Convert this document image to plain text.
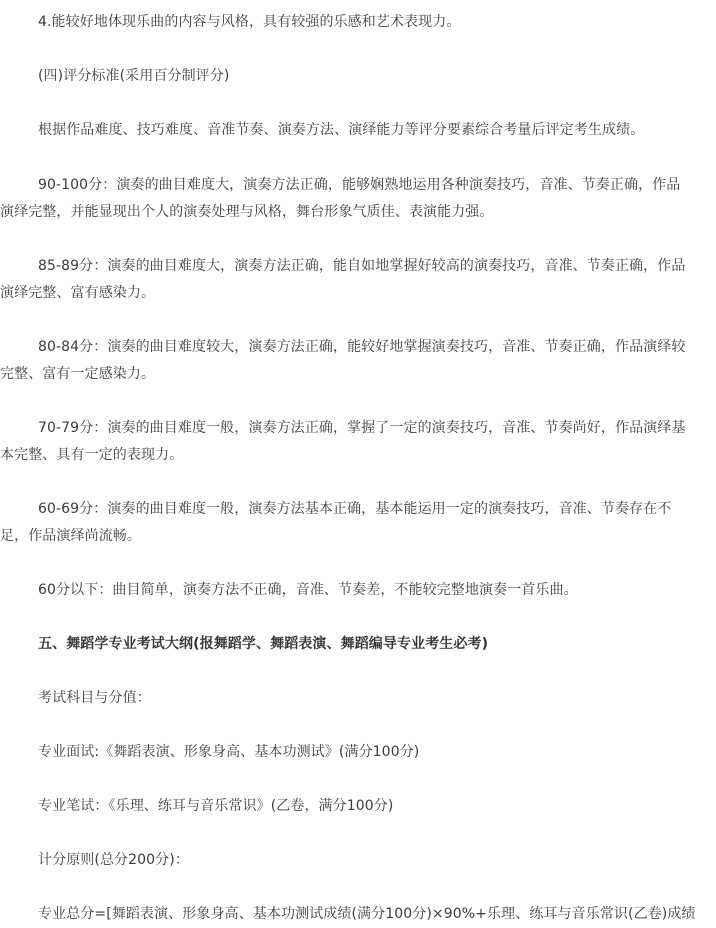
4.能较好地体现乐曲的内容与风格，具有较强的乐感和艺术表现力。

(四)评分标准(采用百分制评分)

根据作品难度、技巧难度、音准节奏、演奏方法、演绎能力等评分要素综合考量后评定考生成绩。

90-100分：演奏的曲目难度大，演奏方法正确，能够娴熟地运用各种演奏技巧，音准、节奏正确，作品演绎完整，并能显现出个人的演奏处理与风格，舞台形象气质佳、表演能力强。

85-89分：演奏的曲目难度大，演奏方法正确，能自如地掌握好较高的演奏技巧，音准、节奏正确，作品演绎完整、富有感染力。

80-84分：演奏的曲目难度较大，演奏方法正确，能较好地掌握演奏技巧，音准、节奏正确，作品演绎较完整、富有一定感染力。

70-79分：演奏的曲目难度一般，演奏方法正确，掌握了一定的演奏技巧，音准、节奏尚好，作品演绎基本完整、具有一定的表现力。

60-69分：演奏的曲目难度一般，演奏方法基本正确，基本能运用一定的演奏技巧，音准、节奏存在不足，作品演绎尚流畅。

60分以下：曲目简单，演奏方法不正确，音准、节奏差，不能较完整地演奏一首乐曲。

五、舞蹈学专业考试大纲(报舞蹈学、舞蹈表演、舞蹈编导专业考生必考)

考试科目与分值：

专业面试:《舞蹈表演、形象身高、基本功测试》(满分100分)

专业笔试：《乐理、练耳与音乐常识》(乙卷，满分100分)

计分原则(总分200分)：

专业总分=[舞蹈表演、形象身高、基本功测试成绩(满分100分)×90%+乐理、练耳与音乐常识(乙卷)成绩
